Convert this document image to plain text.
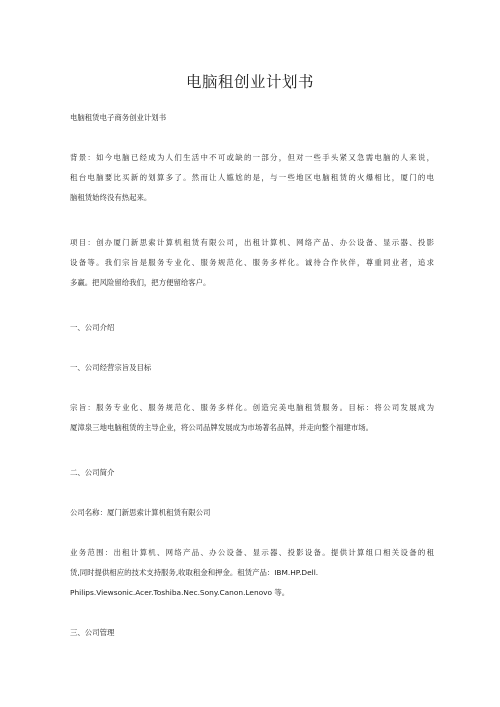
电脑租创业计划书
电脑租赁电子商务创业计划书
背景：如今电脑已经成为人们生活中不可或缺的一部分，但对一些手头紧又急需电脑的人来说，
租台电脑要比买新的划算多了。然而让人尴尬的是，与一些地区电脑租赁的火爆相比，厦门的电
脑租赁始终没有热起来。
项目：创办厦门新思索计算机租赁有限公司，出租计算机、网络产品、办公设备、显示器、投影
设备等。我们宗旨是服务专业化、服务规范化、服务多样化。诚待合作伙伴，尊重同业者，追求
多赢。把风险留给我们，把方便留给客户。
一、公司介绍
一、公司经营宗旨及目标
宗旨：服务专业化、服务规范化、服务多样化。创造完美电脑租赁服务。目标：将公司发展成为
厦漳泉三地电脑租赁的主导企业，将公司品牌发展成为市场著名品牌，并走向整个福建市场。
二、公司简介
公司名称：厦门新思索计算机租赁有限公司
业务范围：出租计算机、网络产品、办公设备、显示器、投影设备。提供计算组口相关设备的租
赁,同时提供相应的技术支持服务,收取租金和押金。租赁产品：IBM.HP.Dell.
Philips.Viewsonic.Acer.Toshiba.Nec.Sony.Canon.Lenovo 等。
三、公司管理
